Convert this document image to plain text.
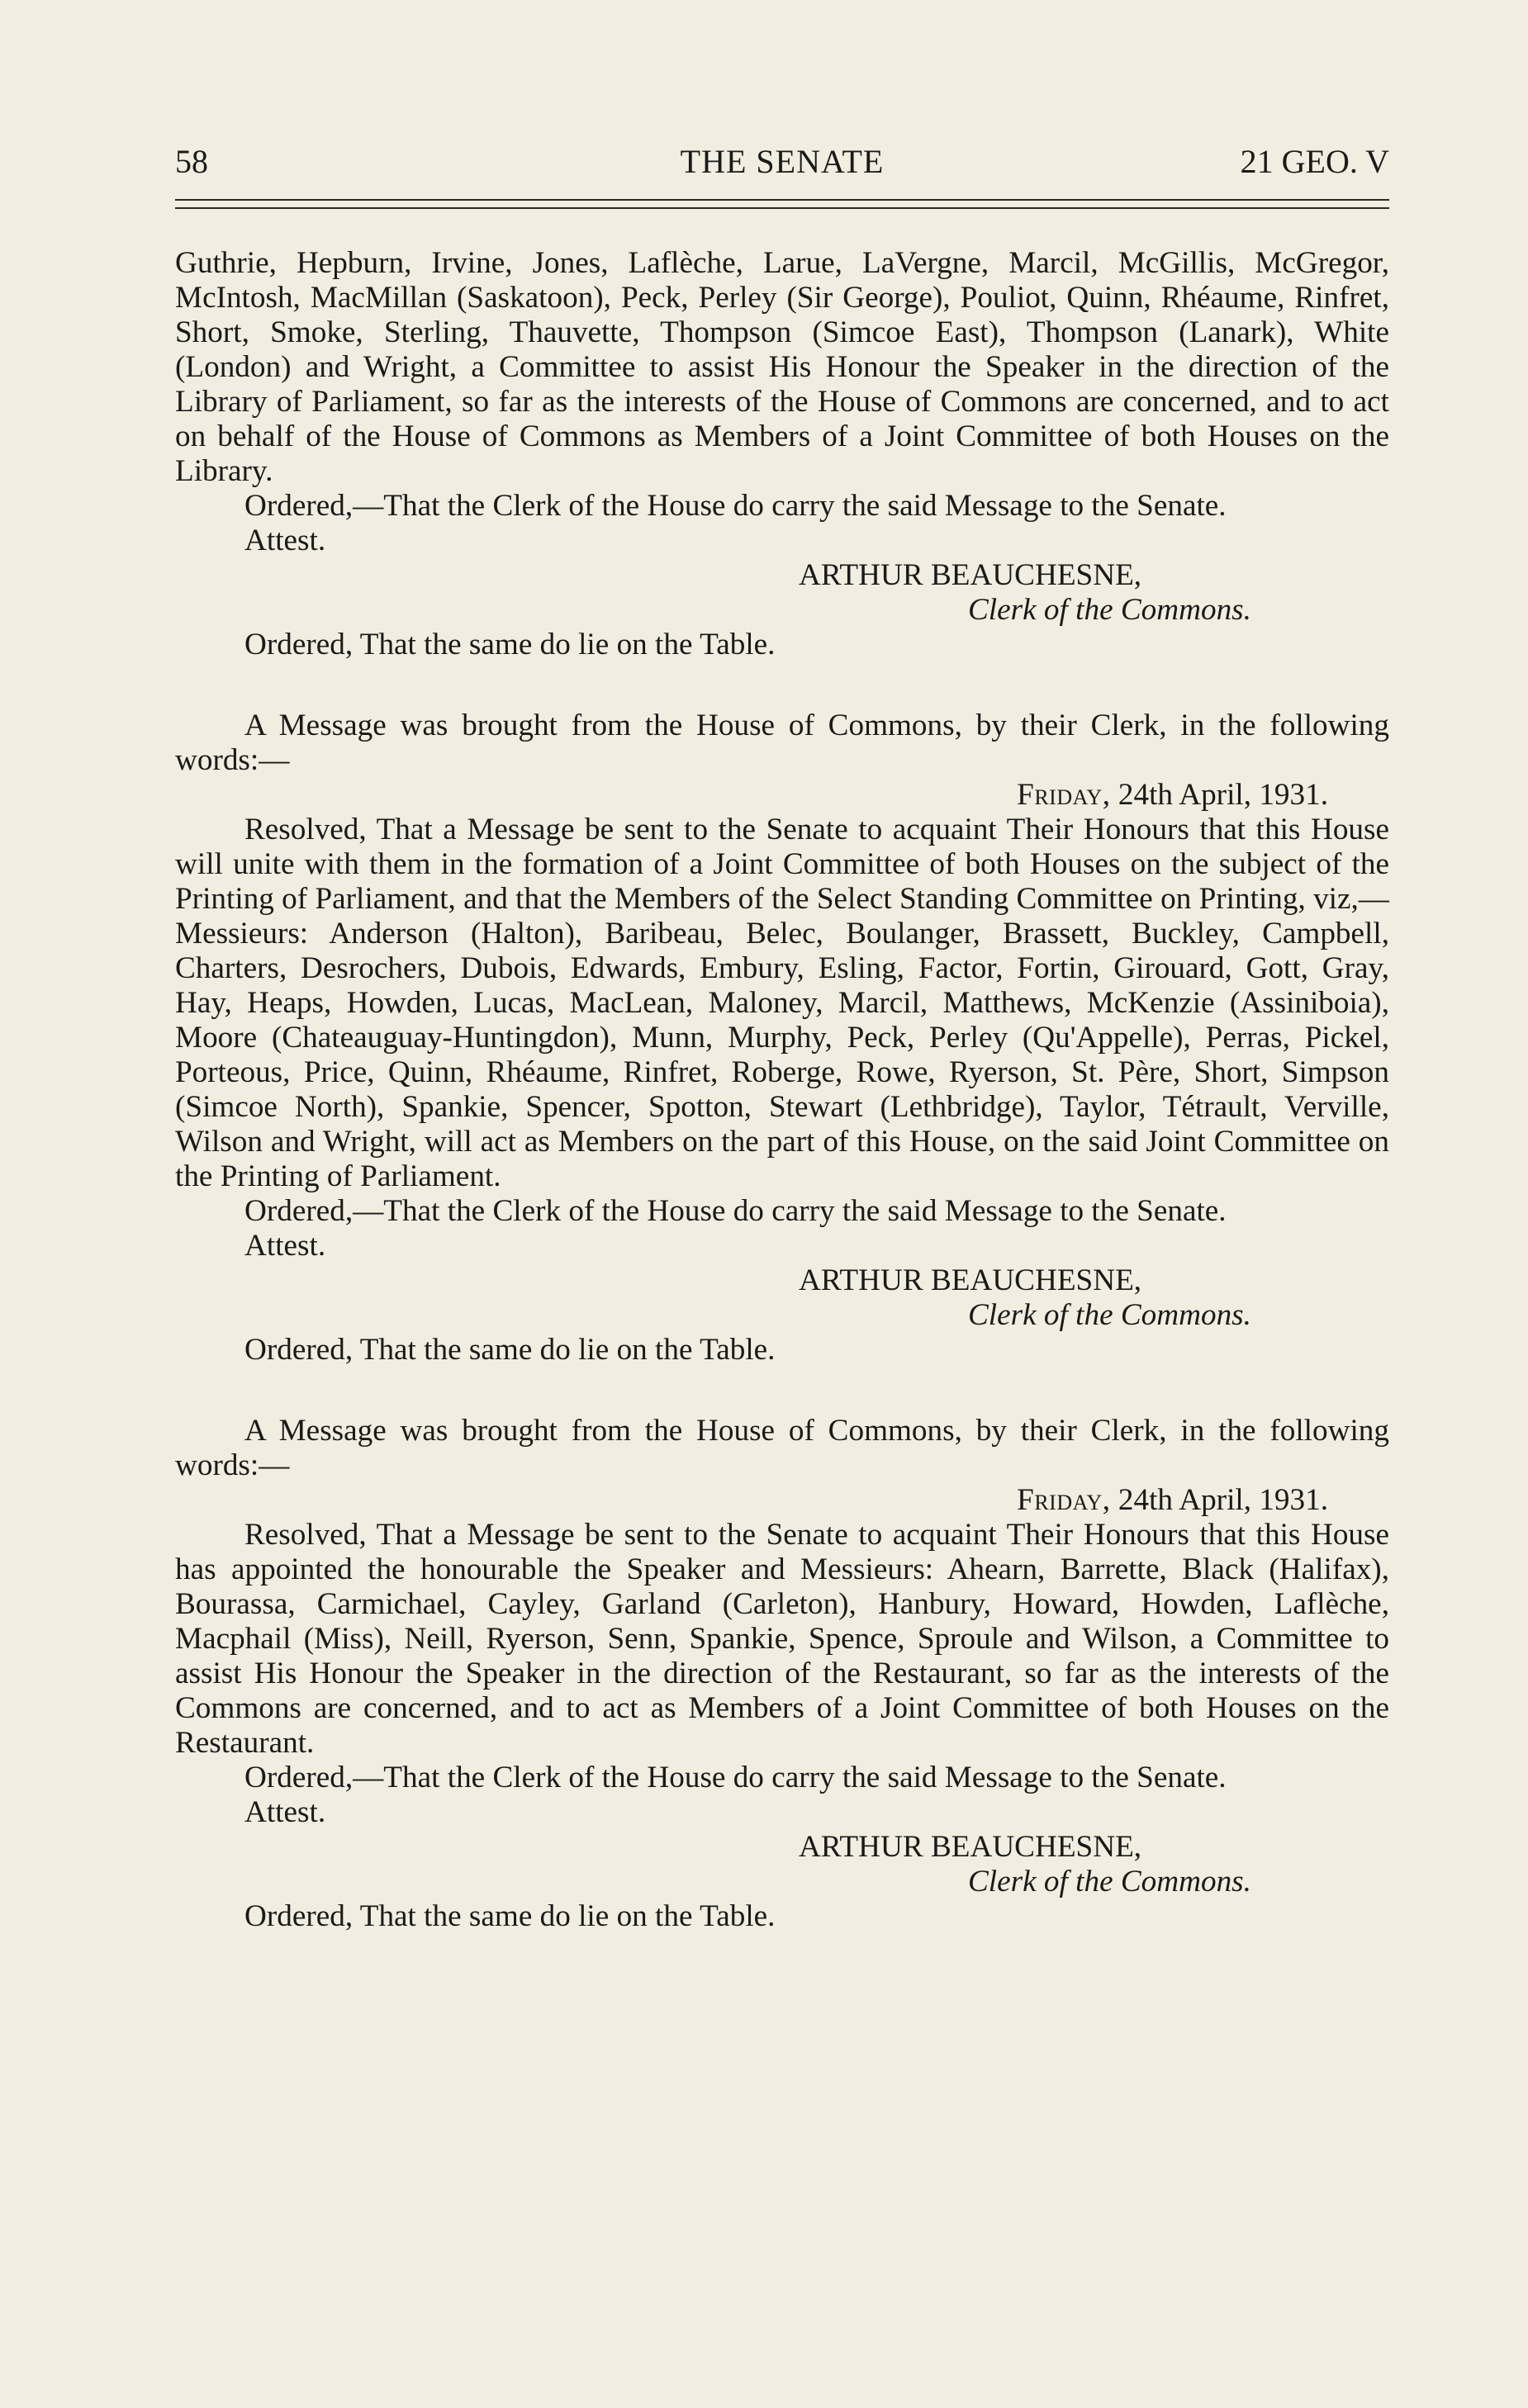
58	THE SENATE	21 GEO. V

Guthrie, Hepburn, Irvine, Jones, Laflèche, Larue, LaVergne, Marcil, McGillis, McGregor, McIntosh, MacMillan (Saskatoon), Peck, Perley (Sir George), Pouliot, Quinn, Rhéaume, Rinfret, Short, Smoke, Sterling, Thauvette, Thompson (Simcoe East), Thompson (Lanark), White (London) and Wright, a Committee to assist His Honour the Speaker in the direction of the Library of Parliament, so far as the interests of the House of Commons are concerned, and to act on behalf of the House of Commons as Members of a Joint Committee of both Houses on the Library.

Ordered,—That the Clerk of the House do carry the said Message to the Senate.

Attest.

ARTHUR BEAUCHESNE,

Clerk of the Commons.

Ordered, That the same do lie on the Table.

A Message was brought from the House of Commons, by their Clerk, in the following words:—

Friday, 24th April, 1931.

Resolved, That a Message be sent to the Senate to acquaint Their Honours that this House will unite with them in the formation of a Joint Committee of both Houses on the subject of the Printing of Parliament, and that the Members of the Select Standing Committee on Printing, viz,—Messieurs: Anderson (Halton), Baribeau, Belec, Boulanger, Brassett, Buckley, Campbell, Charters, Desrochers, Dubois, Edwards, Embury, Esling, Factor, Fortin, Girouard, Gott, Gray, Hay, Heaps, Howden, Lucas, MacLean, Maloney, Marcil, Matthews, McKenzie (Assiniboia), Moore (Chateauguay-Huntingdon), Munn, Murphy, Peck, Perley (Qu'Appelle), Perras, Pickel, Porteous, Price, Quinn, Rhéaume, Rinfret, Roberge, Rowe, Ryerson, St. Père, Short, Simpson (Simcoe North), Spankie, Spencer, Spotton, Stewart (Lethbridge), Taylor, Tétrault, Verville, Wilson and Wright, will act as Members on the part of this House, on the said Joint Committee on the Printing of Parliament.

Ordered,—That the Clerk of the House do carry the said Message to the Senate.

Attest.

ARTHUR BEAUCHESNE,

Clerk of the Commons.

Ordered, That the same do lie on the Table.

A Message was brought from the House of Commons, by their Clerk, in the following words:—

Friday, 24th April, 1931.

Resolved, That a Message be sent to the Senate to acquaint Their Honours that this House has appointed the honourable the Speaker and Messieurs: Ahearn, Barrette, Black (Halifax), Bourassa, Carmichael, Cayley, Garland (Carleton), Hanbury, Howard, Howden, Laflèche, Macphail (Miss), Neill, Ryerson, Senn, Spankie, Spence, Sproule and Wilson, a Committee to assist His Honour the Speaker in the direction of the Restaurant, so far as the interests of the Commons are concerned, and to act as Members of a Joint Committee of both Houses on the Restaurant.

Ordered,—That the Clerk of the House do carry the said Message to the Senate.

Attest.

ARTHUR BEAUCHESNE,

Clerk of the Commons.

Ordered, That the same do lie on the Table.
